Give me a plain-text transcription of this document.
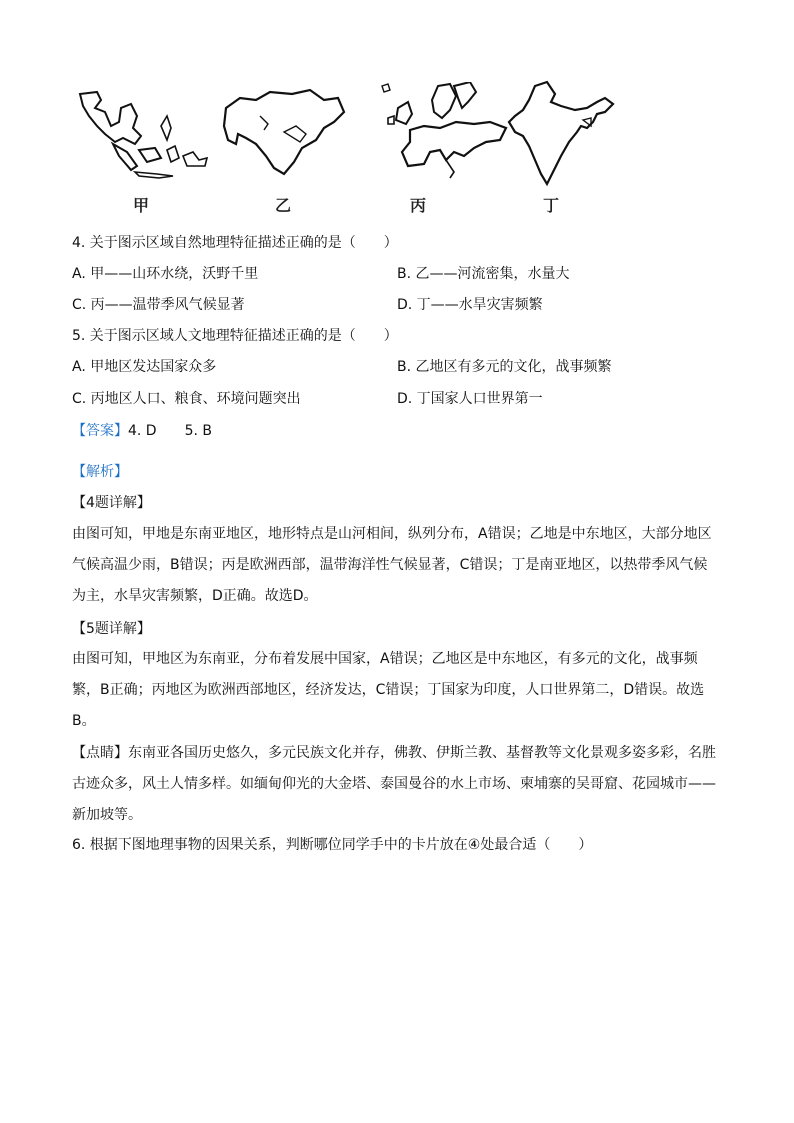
甲	乙	丙	丁
4. 关于图示区域自然地理特征描述正确的是（　　）
A. 甲——山环水绕，沃野千里	B. 乙——河流密集，水量大
C. 丙——温带季风气候显著	D. 丁——水旱灾害频繁
5. 关于图示区域人文地理特征描述正确的是（　　）
A. 甲地区发达国家众多	B. 乙地区有多元的文化，战事频繁
C. 丙地区人口、粮食、环境问题突出	D. 丁国家人口世界第一
【答案】4. D　　5. B
【解析】
【4题详解】
由图可知，甲地是东南亚地区，地形特点是山河相间，纵列分布，A错误；乙地是中东地区，大部分地区
气候高温少雨，B错误；丙是欧洲西部，温带海洋性气候显著，C错误；丁是南亚地区，以热带季风气候
为主，水旱灾害频繁，D正确。故选D。
【5题详解】
由图可知，甲地区为东南亚，分布着发展中国家，A错误；乙地区是中东地区，有多元的文化，战事频
繁，B正确；丙地区为欧洲西部地区，经济发达，C错误；丁国家为印度，人口世界第二，D错误。故选
B。
【点睛】东南亚各国历史悠久，多元民族文化并存，佛教、伊斯兰教、基督教等文化景观多姿多彩，名胜
古迹众多，风土人情多样。如缅甸仰光的大金塔、泰国曼谷的水上市场、柬埔寨的吴哥窟、花园城市——
新加坡等。
6. 根据下图地理事物的因果关系，判断哪位同学手中的卡片放在④处最合适（　　）
